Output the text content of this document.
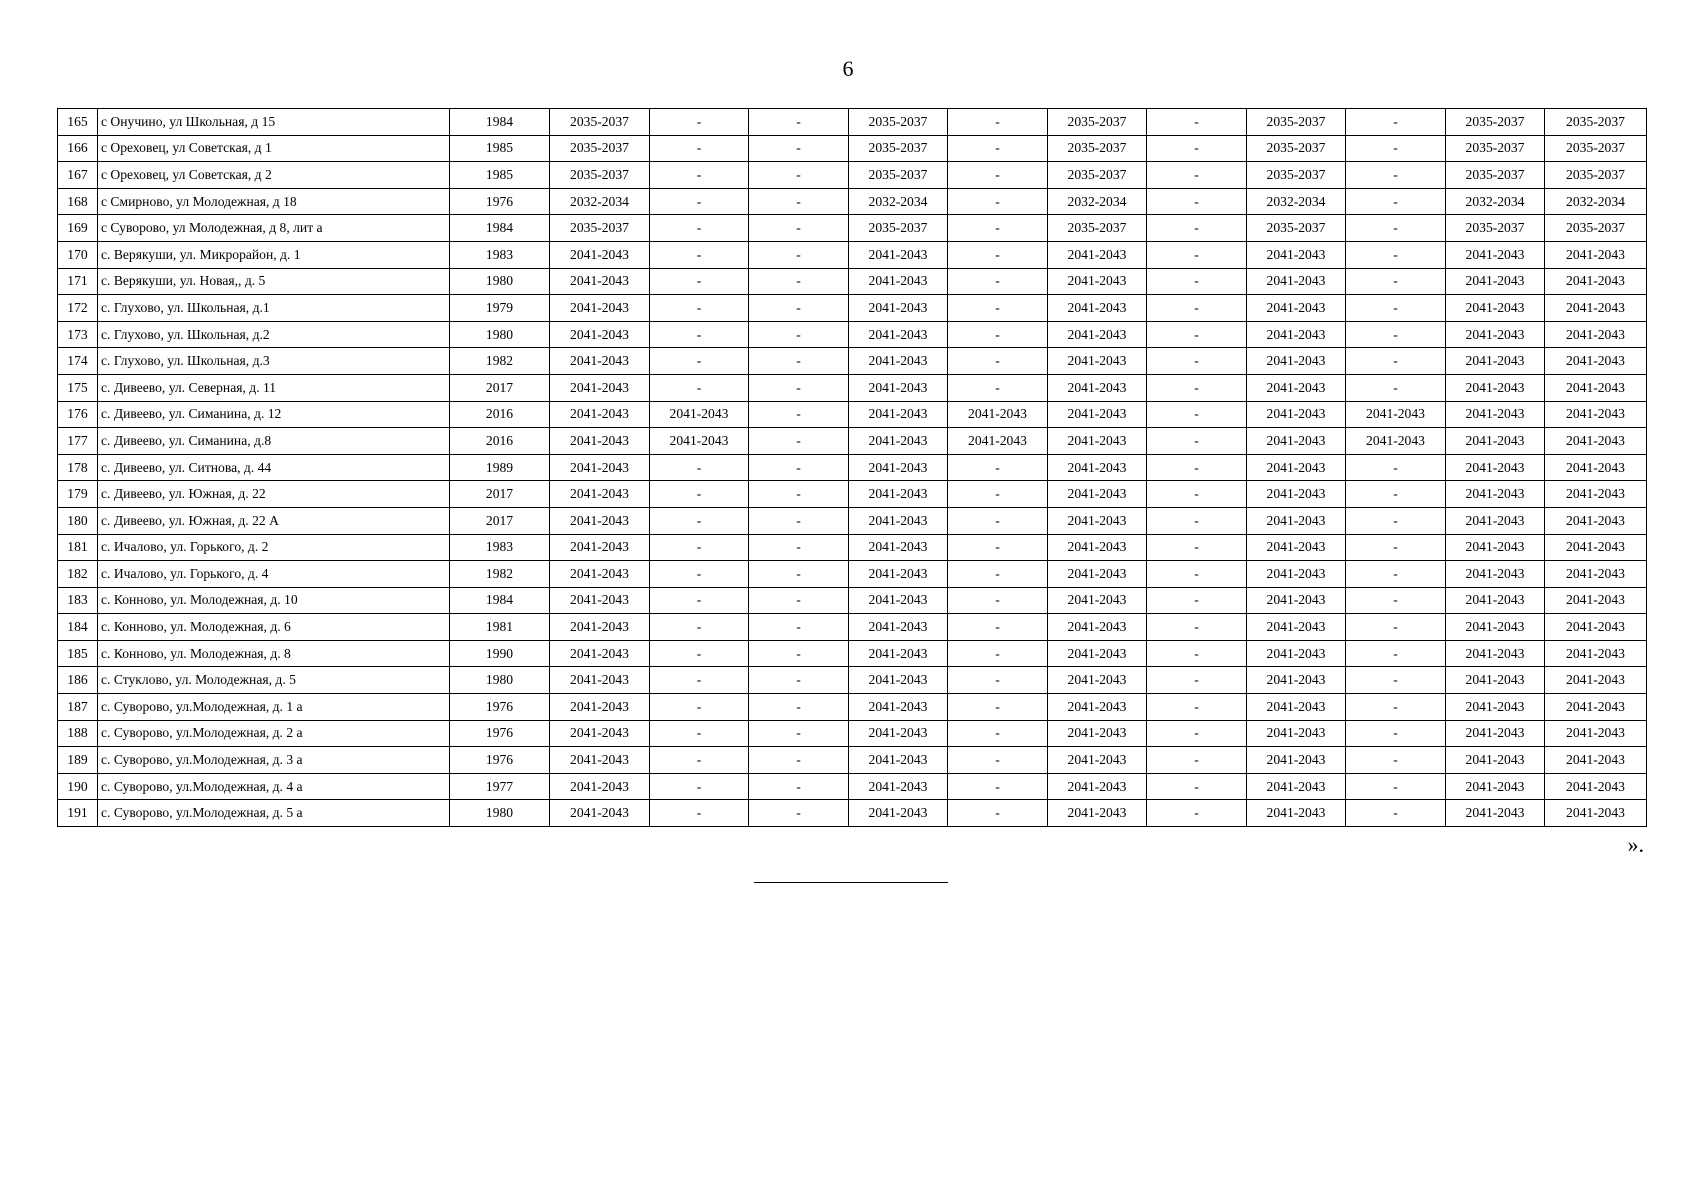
6
165	с Онучино, ул Школьная, д 15	1984	2035-2037	-	-	2035-2037	-	2035-2037	-	2035-2037	-	2035-2037	2035-2037
166	с Ореховец, ул Советская, д 1	1985	2035-2037	-	-	2035-2037	-	2035-2037	-	2035-2037	-	2035-2037	2035-2037
167	с Ореховец, ул Советская, д 2	1985	2035-2037	-	-	2035-2037	-	2035-2037	-	2035-2037	-	2035-2037	2035-2037
168	с Смирново, ул Молодежная, д 18	1976	2032-2034	-	-	2032-2034	-	2032-2034	-	2032-2034	-	2032-2034	2032-2034
169	с Суворово, ул Молодежная, д 8, лит а	1984	2035-2037	-	-	2035-2037	-	2035-2037	-	2035-2037	-	2035-2037	2035-2037
170	с. Верякуши, ул. Микрорайон, д. 1	1983	2041-2043	-	-	2041-2043	-	2041-2043	-	2041-2043	-	2041-2043	2041-2043
171	с. Верякуши, ул. Новая,, д. 5	1980	2041-2043	-	-	2041-2043	-	2041-2043	-	2041-2043	-	2041-2043	2041-2043
172	с. Глухово, ул. Школьная, д.1	1979	2041-2043	-	-	2041-2043	-	2041-2043	-	2041-2043	-	2041-2043	2041-2043
173	с. Глухово, ул. Школьная, д.2	1980	2041-2043	-	-	2041-2043	-	2041-2043	-	2041-2043	-	2041-2043	2041-2043
174	с. Глухово, ул. Школьная, д.3	1982	2041-2043	-	-	2041-2043	-	2041-2043	-	2041-2043	-	2041-2043	2041-2043
175	с. Дивеево, ул. Северная, д. 11	2017	2041-2043	-	-	2041-2043	-	2041-2043	-	2041-2043	-	2041-2043	2041-2043
176	с. Дивеево, ул. Симанина, д. 12	2016	2041-2043	2041-2043	-	2041-2043	2041-2043	2041-2043	-	2041-2043	2041-2043	2041-2043	2041-2043
177	с. Дивеево, ул. Симанина, д.8	2016	2041-2043	2041-2043	-	2041-2043	2041-2043	2041-2043	-	2041-2043	2041-2043	2041-2043	2041-2043
178	с. Дивеево, ул. Ситнова, д. 44	1989	2041-2043	-	-	2041-2043	-	2041-2043	-	2041-2043	-	2041-2043	2041-2043
179	с. Дивеево, ул. Южная, д. 22	2017	2041-2043	-	-	2041-2043	-	2041-2043	-	2041-2043	-	2041-2043	2041-2043
180	с. Дивеево, ул. Южная, д. 22 А	2017	2041-2043	-	-	2041-2043	-	2041-2043	-	2041-2043	-	2041-2043	2041-2043
181	с. Ичалово, ул. Горького, д. 2	1983	2041-2043	-	-	2041-2043	-	2041-2043	-	2041-2043	-	2041-2043	2041-2043
182	с. Ичалово, ул. Горького, д. 4	1982	2041-2043	-	-	2041-2043	-	2041-2043	-	2041-2043	-	2041-2043	2041-2043
183	с. Конново, ул. Молодежная, д. 10	1984	2041-2043	-	-	2041-2043	-	2041-2043	-	2041-2043	-	2041-2043	2041-2043
184	с. Конново, ул. Молодежная, д. 6	1981	2041-2043	-	-	2041-2043	-	2041-2043	-	2041-2043	-	2041-2043	2041-2043
185	с. Конново, ул. Молодежная, д. 8	1990	2041-2043	-	-	2041-2043	-	2041-2043	-	2041-2043	-	2041-2043	2041-2043
186	с. Стуклово, ул. Молодежная, д. 5	1980	2041-2043	-	-	2041-2043	-	2041-2043	-	2041-2043	-	2041-2043	2041-2043
187	с. Суворово, ул.Молодежная, д. 1 а	1976	2041-2043	-	-	2041-2043	-	2041-2043	-	2041-2043	-	2041-2043	2041-2043
188	с. Суворово, ул.Молодежная, д. 2 а	1976	2041-2043	-	-	2041-2043	-	2041-2043	-	2041-2043	-	2041-2043	2041-2043
189	с. Суворово, ул.Молодежная, д. 3 а	1976	2041-2043	-	-	2041-2043	-	2041-2043	-	2041-2043	-	2041-2043	2041-2043
190	с. Суворово, ул.Молодежная, д. 4 а	1977	2041-2043	-	-	2041-2043	-	2041-2043	-	2041-2043	-	2041-2043	2041-2043
191	с. Суворово, ул.Молодежная, д. 5 а	1980	2041-2043	-	-	2041-2043	-	2041-2043	-	2041-2043	-	2041-2043	2041-2043
».
